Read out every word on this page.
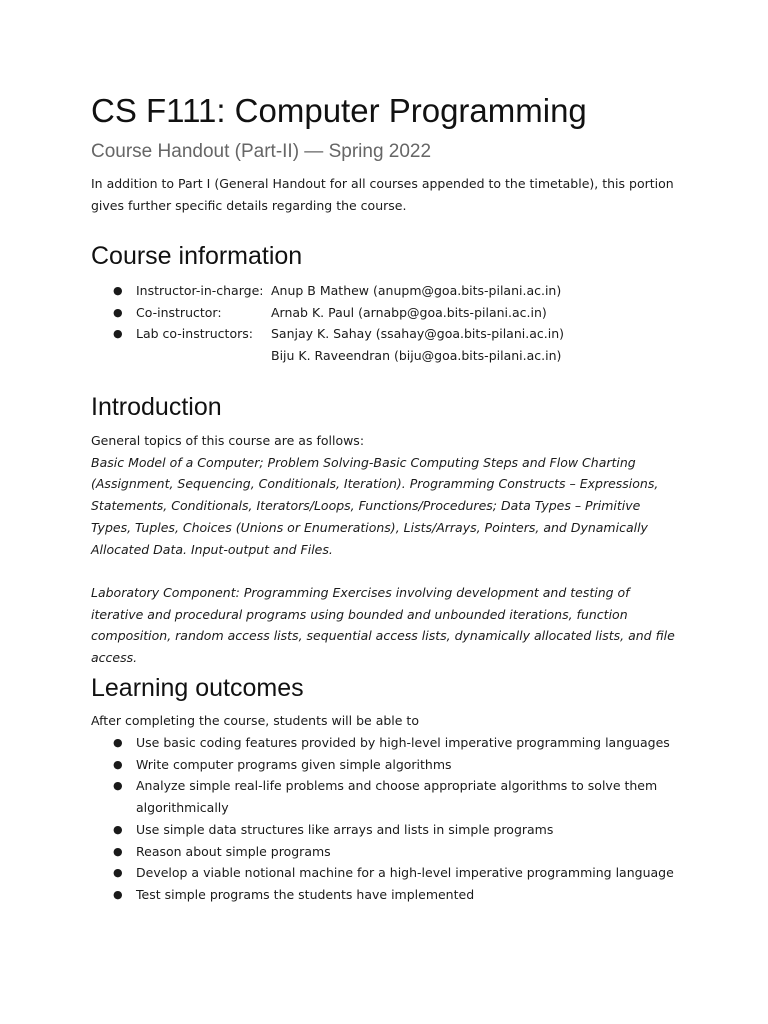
CS F111: Computer Programming
Course Handout (Part-II) — Spring 2022
In addition to Part I (General Handout for all courses appended to the timetable), this portion gives further specific details regarding the course.
Course information
● Instructor-in-charge: Anup B Mathew (anupm@goa.bits-pilani.ac.in)
● Co-instructor:	Arnab K. Paul (arnabp@goa.bits-pilani.ac.in)
● Lab co-instructors: Sanjay K. Sahay (ssahay@goa.bits-pilani.ac.in)
Biju K. Raveendran (biju@goa.bits-pilani.ac.in)
Introduction
General topics of this course are as follows:
Basic Model of a Computer; Problem Solving-Basic Computing Steps and Flow Charting (Assignment, Sequencing, Conditionals, Iteration). Programming Constructs – Expressions, Statements, Conditionals, Iterators/Loops, Functions/Procedures; Data Types – Primitive Types, Tuples, Choices (Unions or Enumerations), Lists/Arrays, Pointers, and Dynamically Allocated Data. Input-output and Files.
Laboratory Component: Programming Exercises involving development and testing of iterative and procedural programs using bounded and unbounded iterations, function composition, random access lists, sequential access lists, dynamically allocated lists, and file access.
Learning outcomes
After completing the course, students will be able to
● Use basic coding features provided by high-level imperative programming languages
● Write computer programs given simple algorithms
● Analyze simple real-life problems and choose appropriate algorithms to solve them algorithmically
● Use simple data structures like arrays and lists in simple programs
● Reason about simple programs
● Develop a viable notional machine for a high-level imperative programming language
● Test simple programs the students have implemented
